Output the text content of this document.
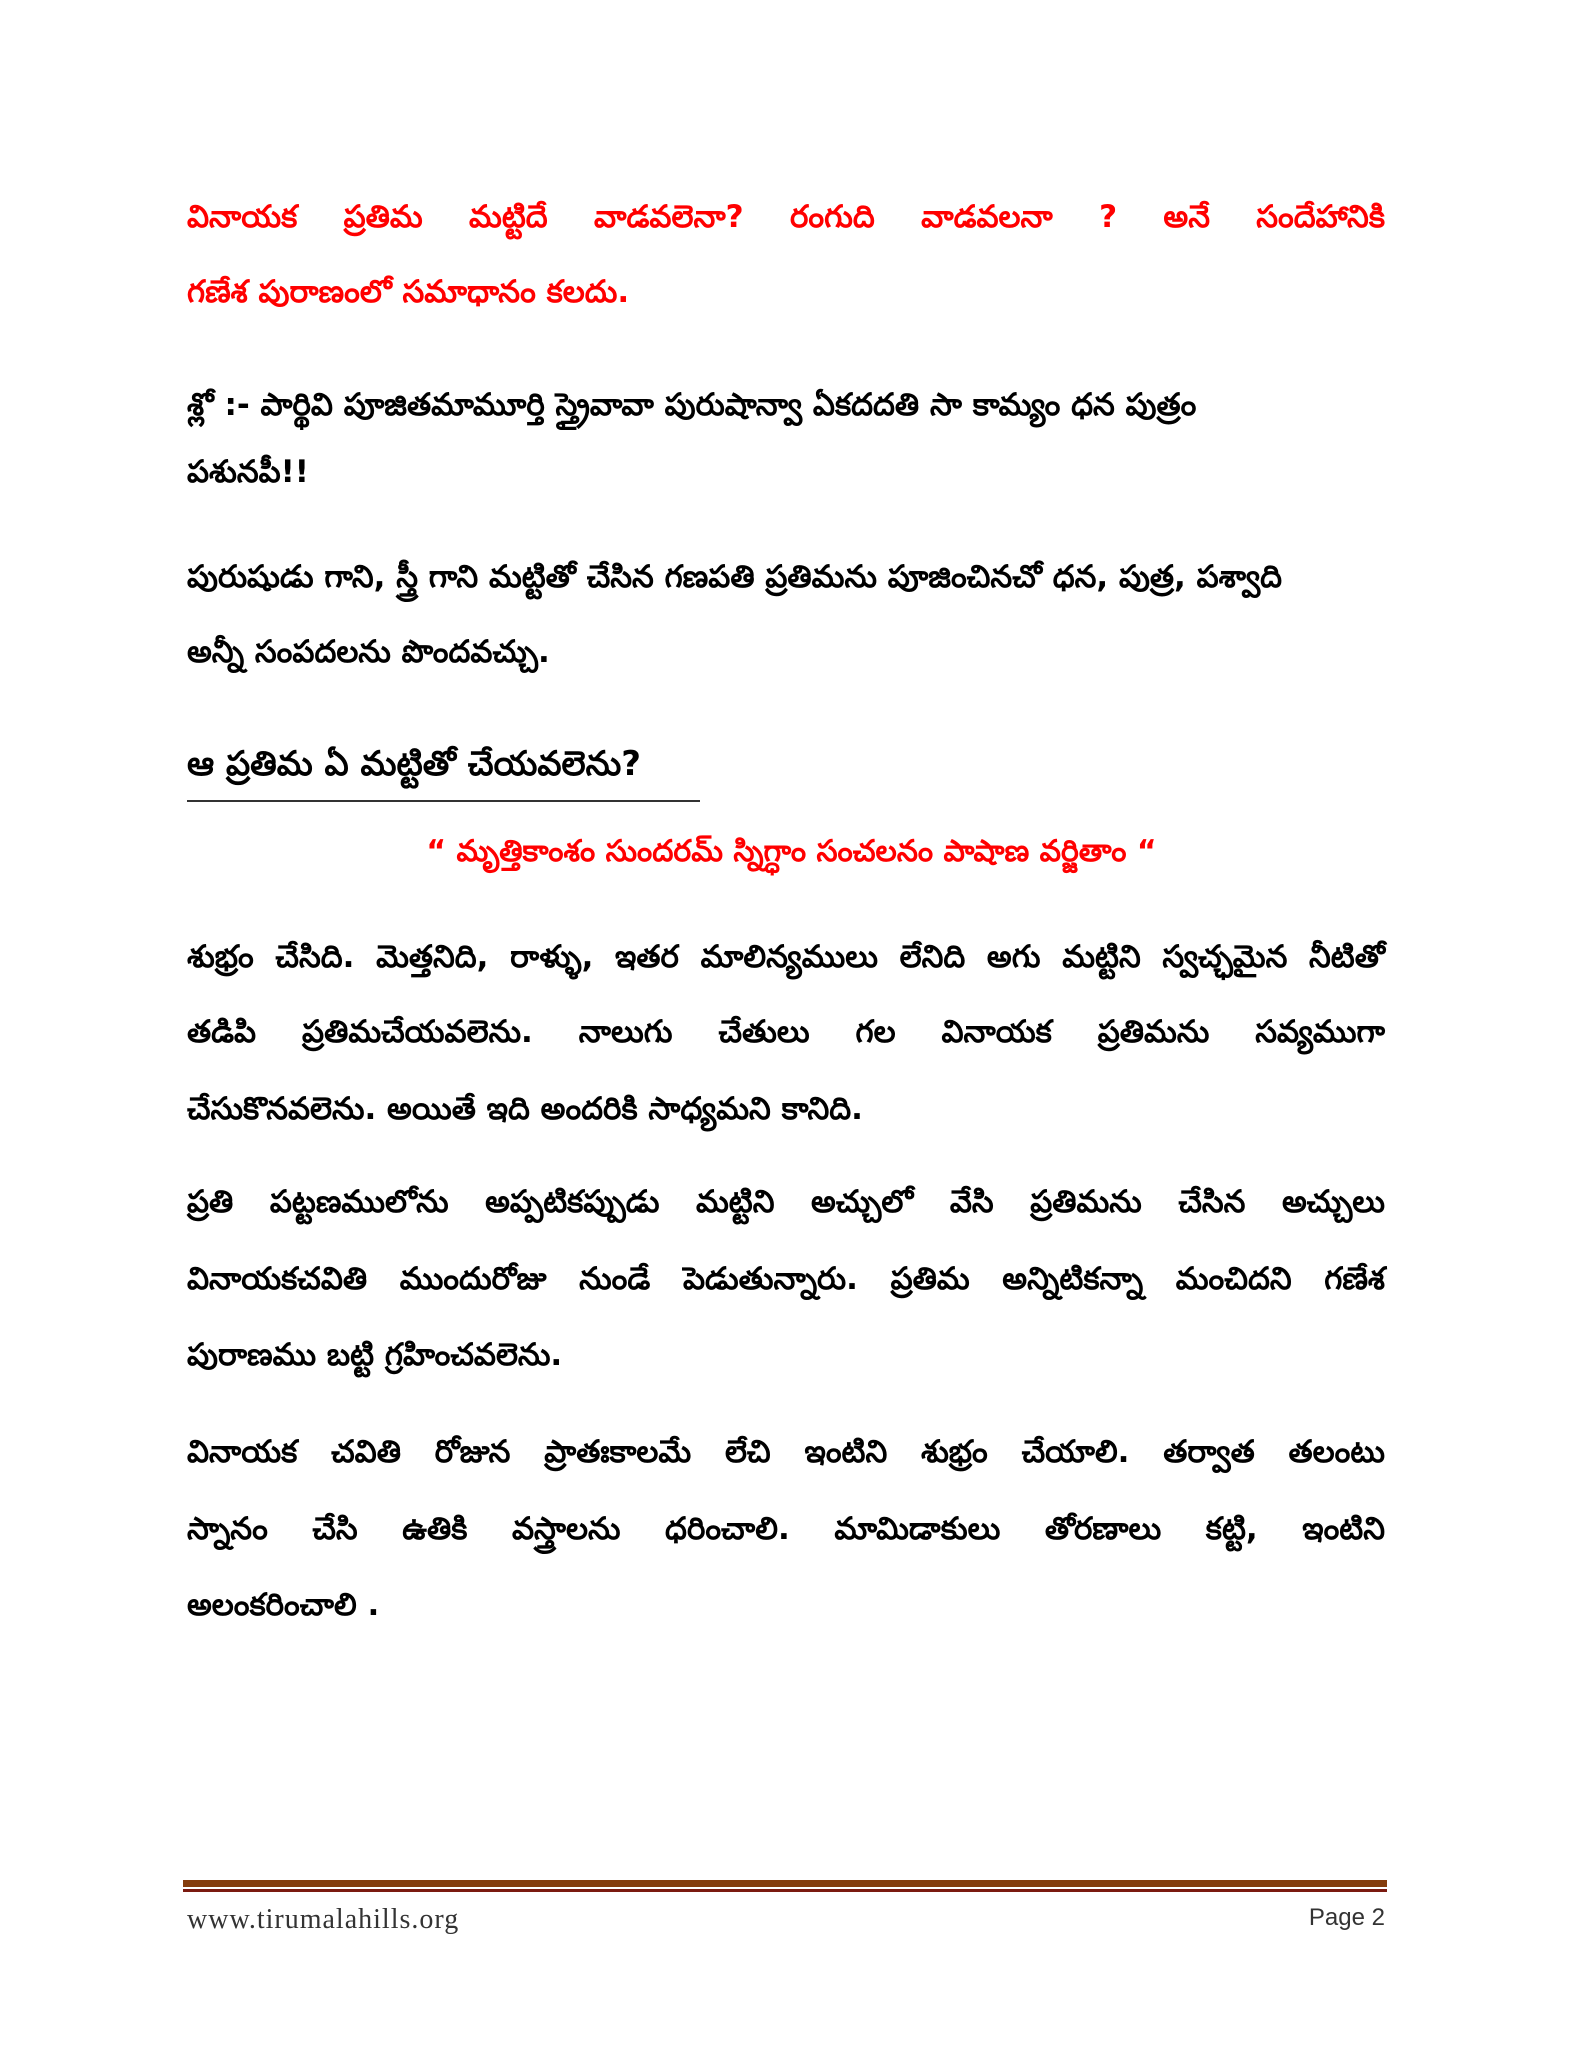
వినాయక ప్రతిమ మట్టిదే వాడవలెనా? రంగుది వాడవలనా ? అనే సందేహానికి
గణేశ పురాణంలో సమాధానం కలదు.
శ్లో :- పార్థివి పూజితమామూర్తి స్త్రైవావా పురుషాన్వా ఏకదదతి సా కామ్యం ధన పుత్రం
పశునపీ!!
పురుషుడు గాని, స్త్రీ గాని మట్టితో చేసిన గణపతి ప్రతిమను పూజించినచో ధన, పుత్ర, పశ్వాది
అన్నీ సంపదలను పొందవచ్చు.
ఆ ప్రతిమ ఏ మట్టితో చేయవలెను?
“ మృత్తికాంశం సుందరమ్ స్నిగ్ధాం సంచలనం పాషాణ వర్జితాం “
శుభ్రం చేసిది. మెత్తనిది, రాళ్ళు, ఇతర మాలిన్యములు లేనిది అగు మట్టిని స్వచ్ఛమైన నీటితో
తడిపి ప్రతిమచేయవలెను. నాలుగు చేతులు గల వినాయక ప్రతిమను సవ్యముగా
చేసుకొనవలెను. అయితే ఇది అందరికి సాధ్యమని కానిది.
ప్రతి పట్టణములోను అప్పటికప్పుడు మట్టిని అచ్చులో వేసి ప్రతిమను చేసిన అచ్చులు
వినాయకచవితి ముందురోజు నుండే పెడుతున్నారు. ప్రతిమ అన్నిటికన్నా మంచిదని గణేశ
పురాణము బట్టి గ్రహించవలెను.
వినాయక చవితి రోజున ప్రాతఃకాలమే లేచి ఇంటిని శుభ్రం చేయాలి. తర్వాత తలంటు
స్నానం చేసి ఉతికి వస్త్రాలను ధరించాలి. మామిడాకులు తోరణాలు కట్టి, ఇంటిని
అలంకరించాలి .
www.tirumalahills.org	Page 2
